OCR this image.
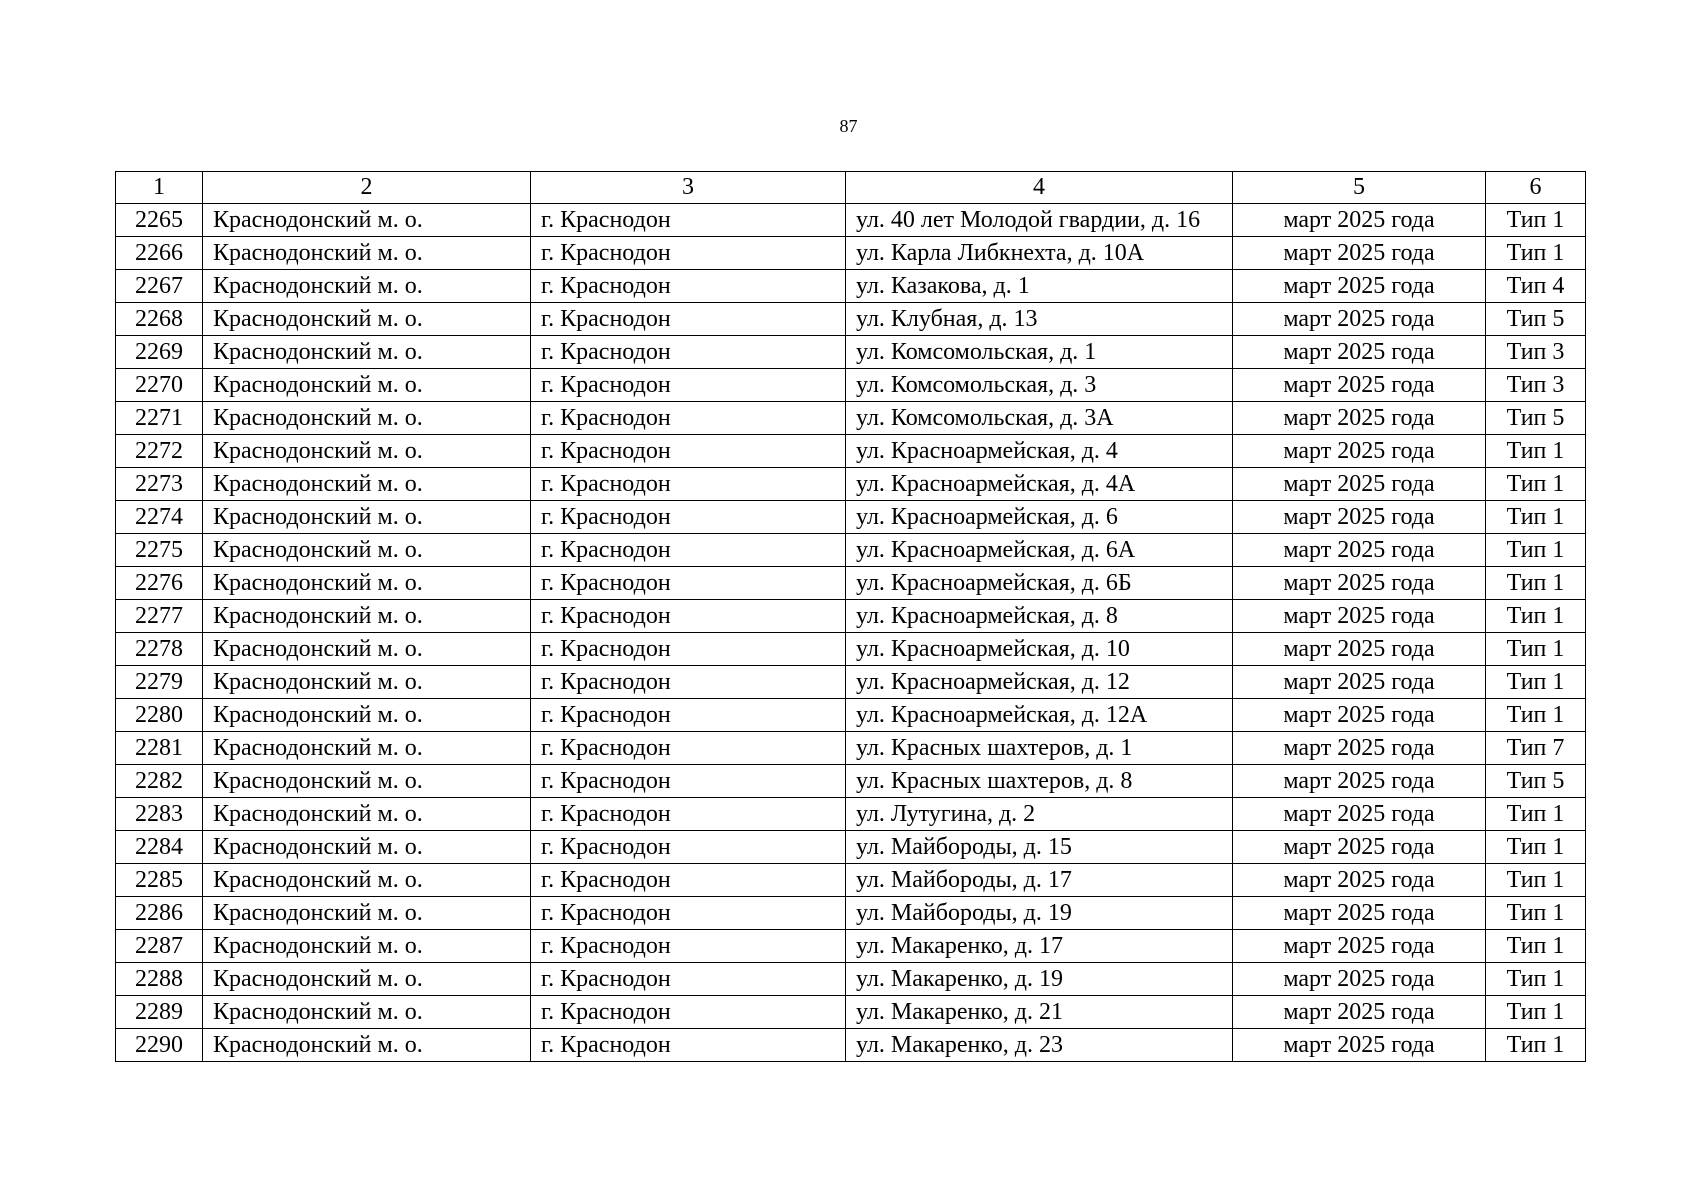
87
1	2	3	4	5	6
2265	Краснодонский м. о.	г. Краснодон	ул. 40 лет Молодой гвардии, д. 16	март 2025 года	Тип 1
2266	Краснодонский м. о.	г. Краснодон	ул. Карла Либкнехта, д. 10А	март 2025 года	Тип 1
2267	Краснодонский м. о.	г. Краснодон	ул. Казакова, д. 1	март 2025 года	Тип 4
2268	Краснодонский м. о.	г. Краснодон	ул. Клубная, д. 13	март 2025 года	Тип 5
2269	Краснодонский м. о.	г. Краснодон	ул. Комсомольская, д. 1	март 2025 года	Тип 3
2270	Краснодонский м. о.	г. Краснодон	ул. Комсомольская, д. 3	март 2025 года	Тип 3
2271	Краснодонский м. о.	г. Краснодон	ул. Комсомольская, д. 3А	март 2025 года	Тип 5
2272	Краснодонский м. о.	г. Краснодон	ул. Красноармейская, д. 4	март 2025 года	Тип 1
2273	Краснодонский м. о.	г. Краснодон	ул. Красноармейская, д. 4А	март 2025 года	Тип 1
2274	Краснодонский м. о.	г. Краснодон	ул. Красноармейская, д. 6	март 2025 года	Тип 1
2275	Краснодонский м. о.	г. Краснодон	ул. Красноармейская, д. 6А	март 2025 года	Тип 1
2276	Краснодонский м. о.	г. Краснодон	ул. Красноармейская, д. 6Б	март 2025 года	Тип 1
2277	Краснодонский м. о.	г. Краснодон	ул. Красноармейская, д. 8	март 2025 года	Тип 1
2278	Краснодонский м. о.	г. Краснодон	ул. Красноармейская, д. 10	март 2025 года	Тип 1
2279	Краснодонский м. о.	г. Краснодон	ул. Красноармейская, д. 12	март 2025 года	Тип 1
2280	Краснодонский м. о.	г. Краснодон	ул. Красноармейская, д. 12А	март 2025 года	Тип 1
2281	Краснодонский м. о.	г. Краснодон	ул. Красных шахтеров, д. 1	март 2025 года	Тип 7
2282	Краснодонский м. о.	г. Краснодон	ул. Красных шахтеров, д. 8	март 2025 года	Тип 5
2283	Краснодонский м. о.	г. Краснодон	ул. Лутугина, д. 2	март 2025 года	Тип 1
2284	Краснодонский м. о.	г. Краснодон	ул. Майбороды, д. 15	март 2025 года	Тип 1
2285	Краснодонский м. о.	г. Краснодон	ул. Майбороды, д. 17	март 2025 года	Тип 1
2286	Краснодонский м. о.	г. Краснодон	ул. Майбороды, д. 19	март 2025 года	Тип 1
2287	Краснодонский м. о.	г. Краснодон	ул. Макаренко, д. 17	март 2025 года	Тип 1
2288	Краснодонский м. о.	г. Краснодон	ул. Макаренко, д. 19	март 2025 года	Тип 1
2289	Краснодонский м. о.	г. Краснодон	ул. Макаренко, д. 21	март 2025 года	Тип 1
2290	Краснодонский м. о.	г. Краснодон	ул. Макаренко, д. 23	март 2025 года	Тип 1
